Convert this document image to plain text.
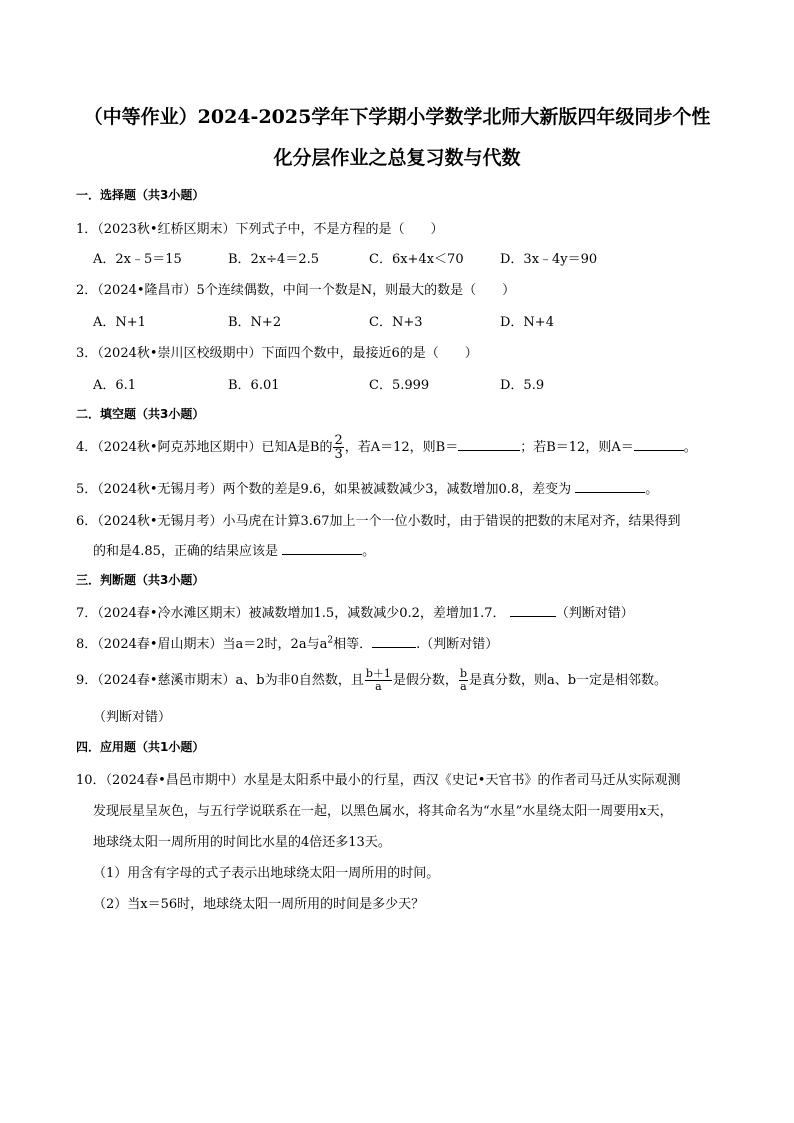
（中等作业）2024-2025学年下学期小学数学北师大新版四年级同步个性
化分层作业之总复习数与代数
一．选择题（共3小题）
1．（2023秋•红桥区期末）下列式子中，不是方程的是（　　）
A．2x﹣5＝15	B．2x÷4＝2.5	C．6x+4x＜70	D．3x﹣4y＝90
2．（2024•隆昌市）5个连续偶数，中间一个数是N，则最大的数是（　　）
A．N+1	B．N+2	C．N+3	D．N+4
3．（2024秋•崇川区校级期中）下面四个数中，最接近6的是（　　）
A．6.1	B．6.01	C．5.999	D．5.9
二．填空题（共3小题）
4．（2024秋•阿克苏地区期中）已知A是B的 $\frac{2}{3}$ ，若A＝12，则B＝	；若B＝12，则A＝	。
5．（2024秋•无锡月考）两个数的差是9.6，如果被减数减少3，减数增加0.8，差变为	。
6．（2024秋•无锡月考）小马虎在计算3.67加上一个一位小数时，由于错误的把数的末尾对齐，结果得到
的和是4.85，正确的结果应该是	。
三．判断题（共3小题）
7．（2024春•冷水滩区期末）被减数增加1.5，减数减少0.2，差增加1.7．	（判断对错）
8．（2024春•眉山期末）当a＝2时，2a与$a^2$相等．	.（判断对错）
9．（2024春•慈溪市期末）a、b为非0自然数，且 $\frac{b+1}{a}$ 是假分数， $\frac{b}{a}$ 是真分数，则a、b一定是相邻数。
（判断对错）
四．应用题（共1小题）
10．（2024春•昌邑市期中）水星是太阳系中最小的行星，西汉《史记•天官书》的作者司马迁从实际观测
发现辰星呈灰色，与五行学说联系在一起，以黑色属水，将其命名为“水星”水星绕太阳一周要用x天，
地球绕太阳一周所用的时间比水星的4倍还多13天。
（1）用含有字母的式子表示出地球绕太阳一周所用的时间。
（2）当x＝56时，地球绕太阳一周所用的时间是多少天？
